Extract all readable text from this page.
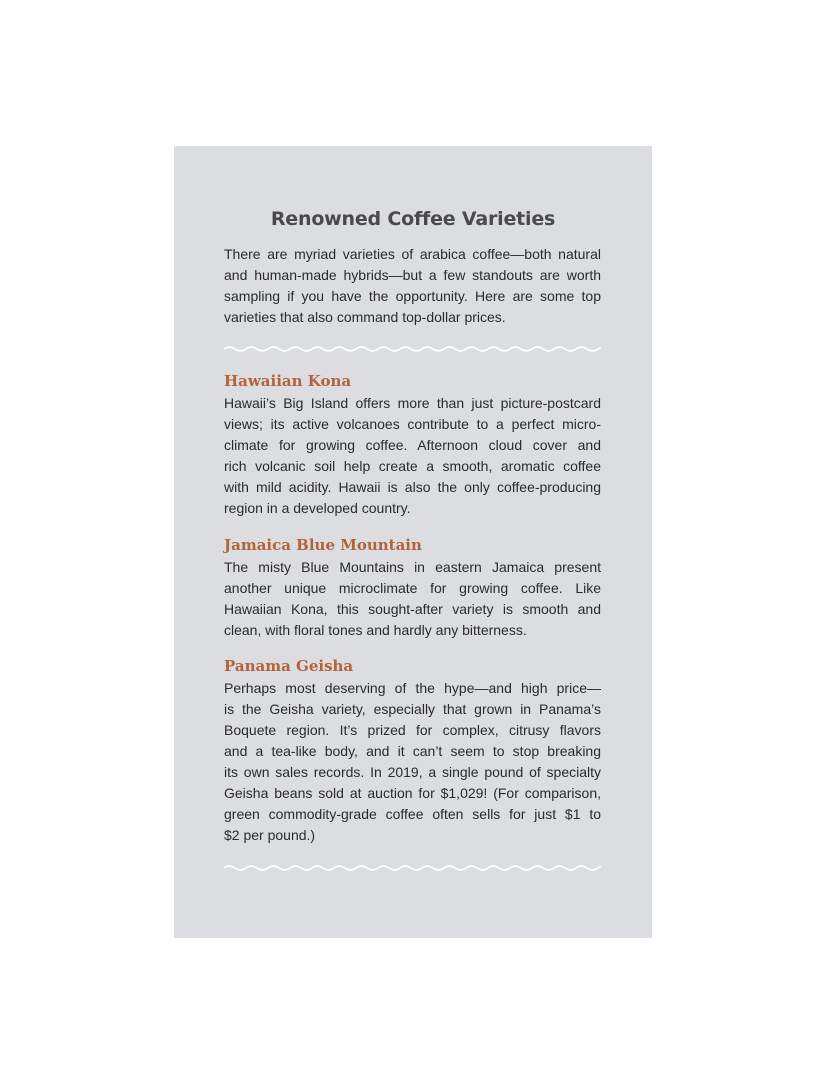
Renowned Coffee Varieties
There are myriad varieties of arabica coffee—both natural
and human-made hybrids—but a few standouts are worth
sampling if you have the opportunity. Here are some top
varieties that also command top-dollar prices.
Hawaiian Kona
Hawaii’s Big Island offers more than just picture-postcard
views; its active volcanoes contribute to a perfect micro-
climate for growing coffee. Afternoon cloud cover and
rich volcanic soil help create a smooth, aromatic coffee
with mild acidity. Hawaii is also the only coffee-producing
region in a developed country.
Jamaica Blue Mountain
The misty Blue Mountains in eastern Jamaica present
another unique microclimate for growing coffee. Like
Hawaiian Kona, this sought-after variety is smooth and
clean, with floral tones and hardly any bitterness.
Panama Geisha
Perhaps most deserving of the hype—and high price—
is the Geisha variety, especially that grown in Panama’s
Boquete region. It’s prized for complex, citrusy flavors
and a tea-like body, and it can’t seem to stop breaking
its own sales records. In 2019, a single pound of specialty
Geisha beans sold at auction for $1,029! (For comparison,
green commodity-grade coffee often sells for just $1 to
$2 per pound.)
